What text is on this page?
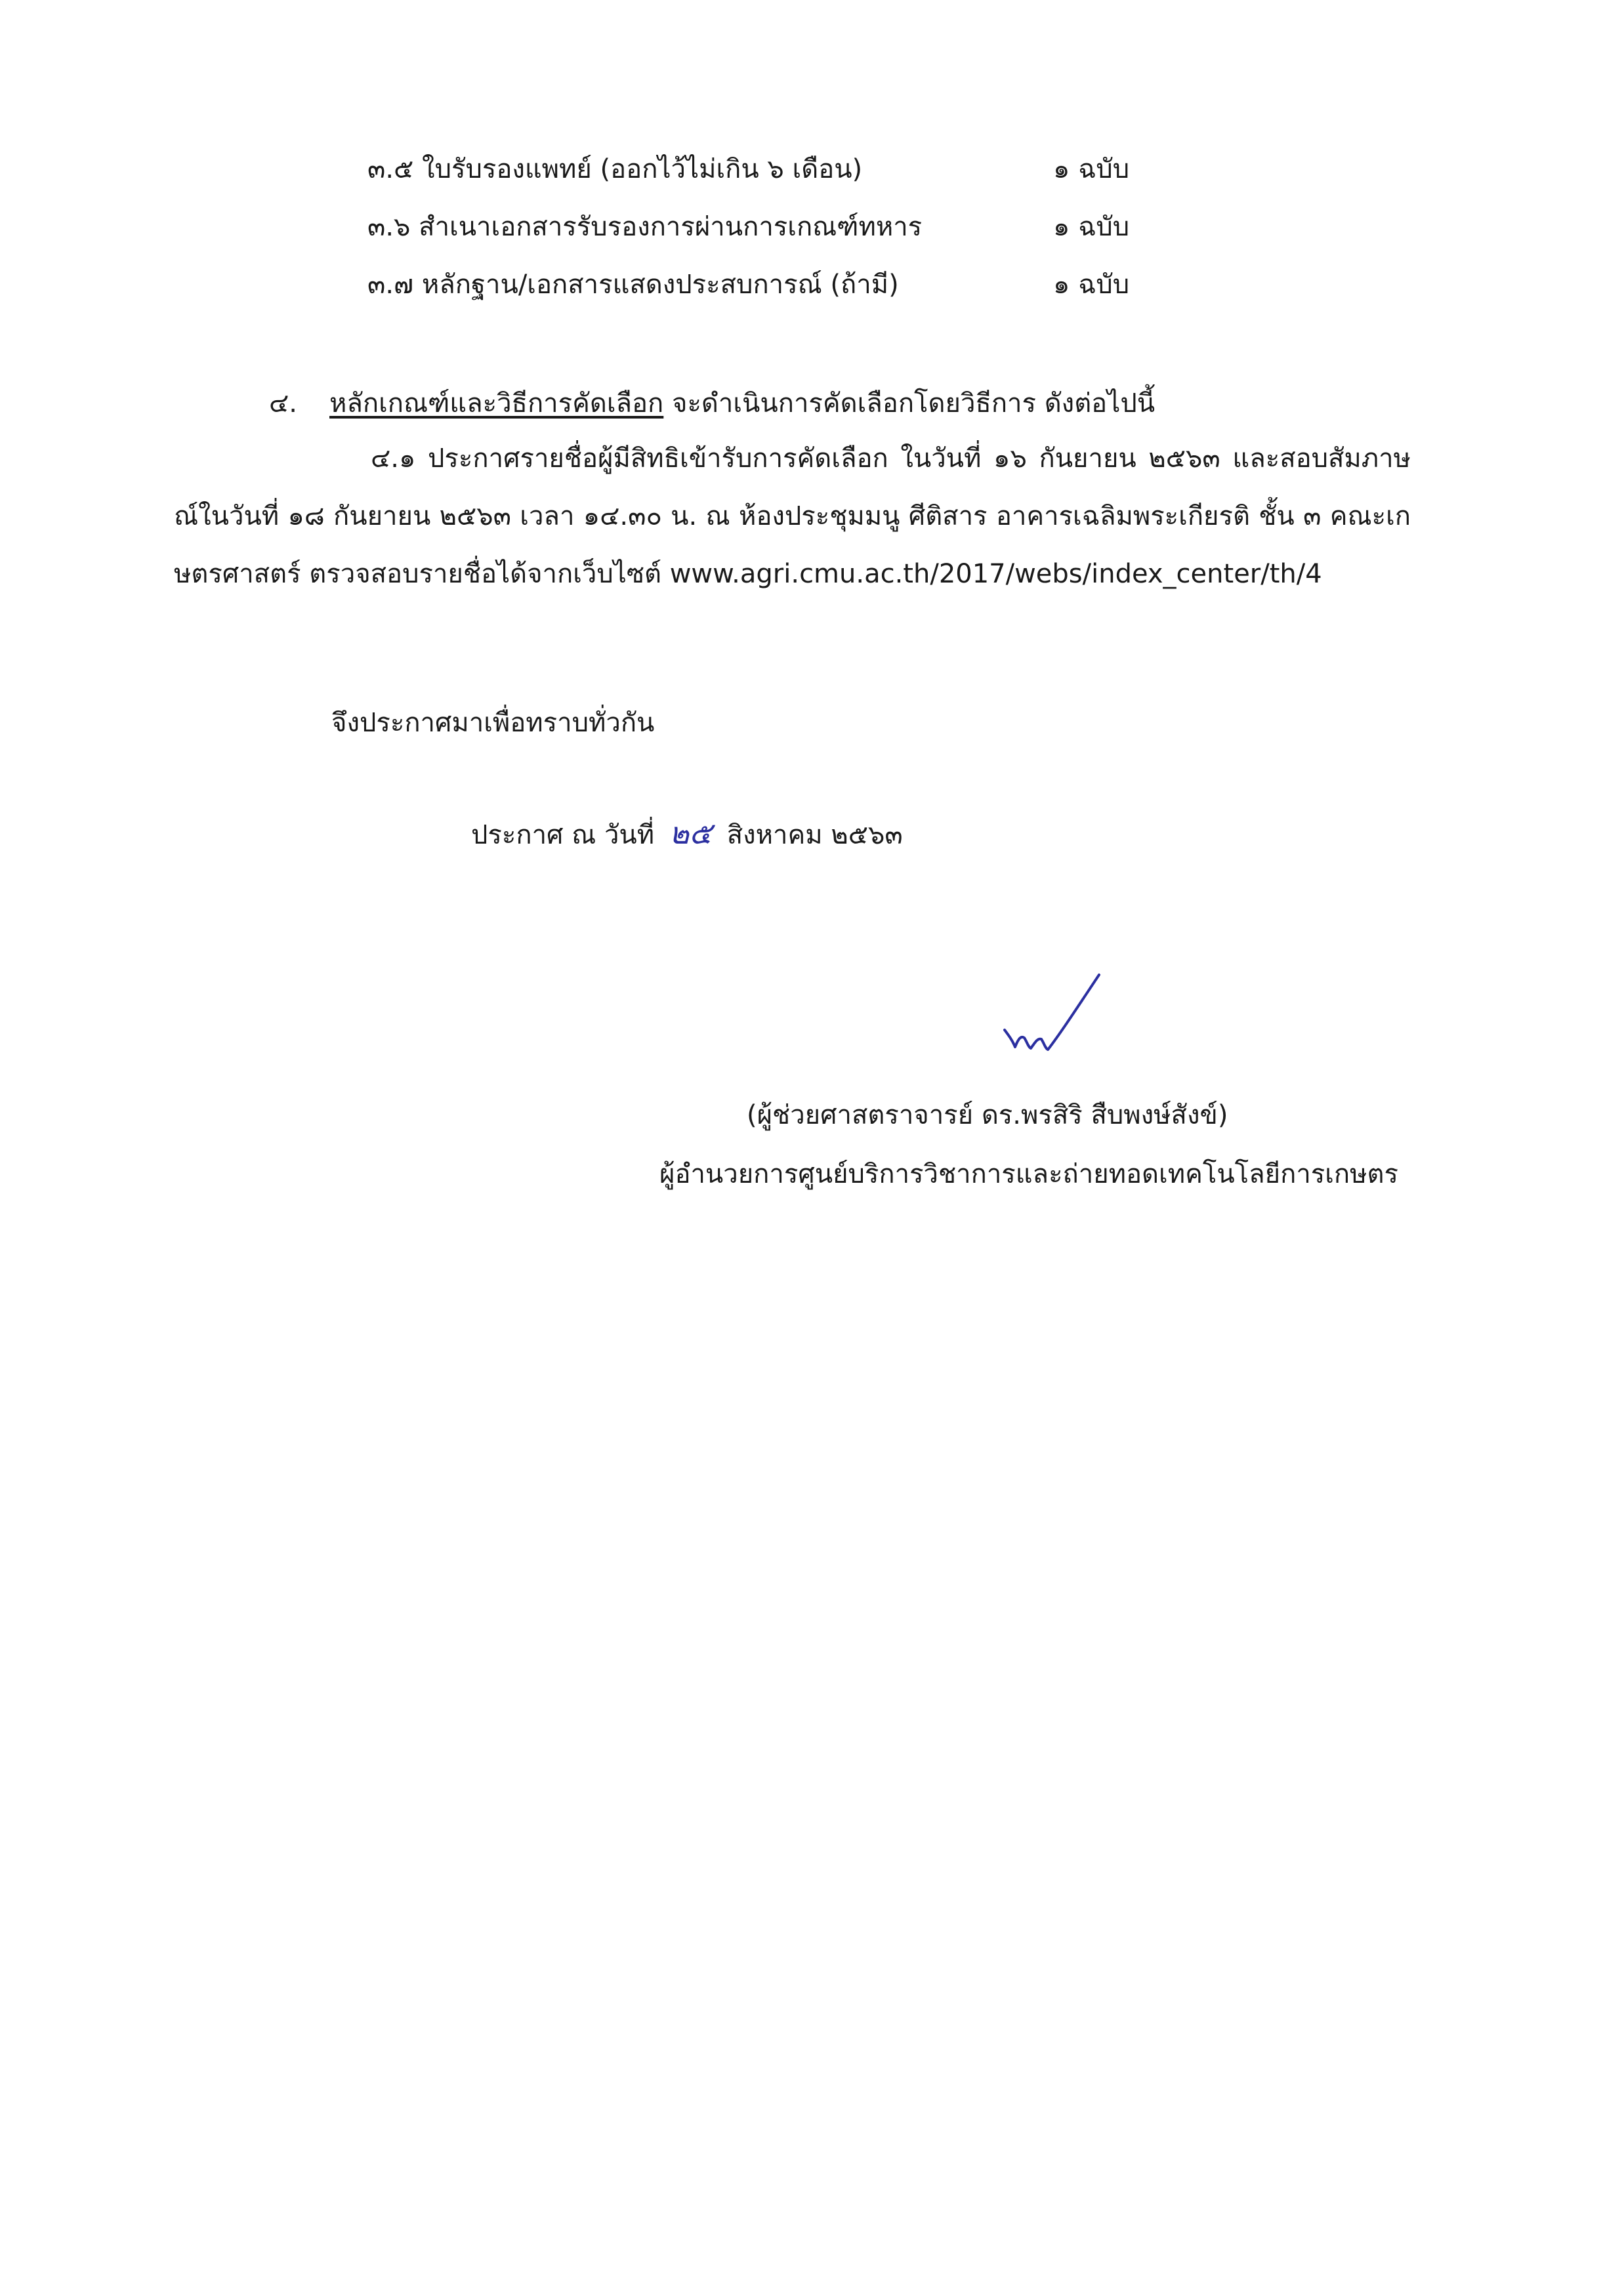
๓.๕ ใบรับรองแพทย์ (ออกไว้ไม่เกิน ๖ เดือน)	๑ ฉบับ
๓.๖ สำเนาเอกสารรับรองการผ่านการเกณฑ์ทหาร	๑ ฉบับ
๓.๗ หลักฐาน/เอกสารแสดงประสบการณ์ (ถ้ามี)	๑ ฉบับ
๔. หลักเกณฑ์และวิธีการคัดเลือก จะดำเนินการคัดเลือกโดยวิธีการ ดังต่อไปนี้
๔.๑ ประกาศรายชื่อผู้มีสิทธิเข้ารับการคัดเลือก ในวันที่ ๑๖ กันยายน ๒๕๖๓ และสอบสัมภาษณ์ในวันที่ ๑๘ กันยายน ๒๕๖๓ เวลา ๑๔.๓๐ น. ณ ห้องประชุมมนู ศีติสาร อาคารเฉลิมพระเกียรติ ชั้น ๓ คณะเกษตรศาสตร์ ตรวจสอบรายชื่อได้จากเว็บไซต์ www.agri.cmu.ac.th/2017/webs/index_center/th/4
จึงประกาศมาเพื่อทราบทั่วกัน
ประกาศ ณ วันที่ ๒๕ สิงหาคม ๒๕๖๓
(ผู้ช่วยศาสตราจารย์ ดร.พรสิริ สืบพงษ์สังข์)
ผู้อำนวยการศูนย์บริการวิชาการและถ่ายทอดเทคโนโลยีการเกษตร
